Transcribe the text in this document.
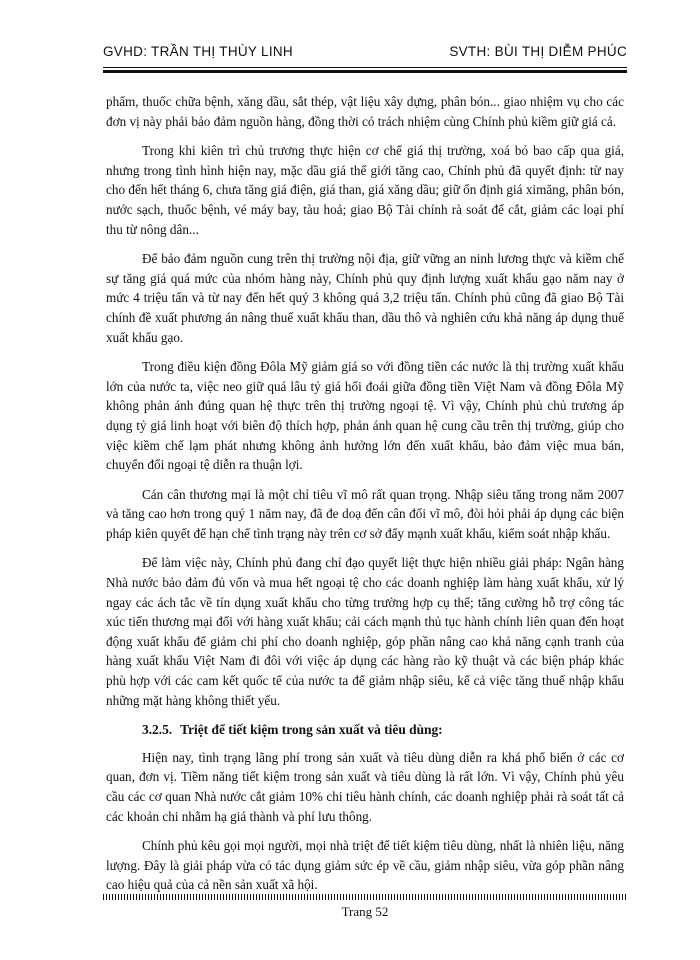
GVHD: TRẦN THỊ THÙY LINH	SVTH: BÙI THỊ DIỄM PHÚC

phẩm, thuốc chữa bệnh, xăng dầu, sắt thép, vật liệu xây dựng, phân bón... giao nhiệm vụ cho các đơn vị này phải bảo đảm nguồn hàng, đồng thời có trách nhiệm cùng Chính phủ kiềm giữ giá cả.

Trong khi kiên trì chủ trương thực hiện cơ chế giá thị trường, xoá bỏ bao cấp qua giá, nhưng trong tình hình hiện nay, mặc dầu giá thế giới tăng cao, Chính phủ đã quyết định: từ nay cho đến hết tháng 6, chưa tăng giá điện, giá than, giá xăng dầu; giữ ổn định giá ximăng, phân bón, nước sạch, thuốc bệnh, vé máy bay, tàu hoả; giao Bộ Tài chính rà soát để cắt, giảm các loại phí thu từ nông dân...

Để bảo đảm nguồn cung trên thị trường nội địa, giữ vững an ninh lương thực và kiềm chế sự tăng giá quá mức của nhóm hàng này, Chính phủ quy định lượng xuất khẩu gạo năm nay ở mức 4 triệu tấn và từ nay đến hết quý 3 không quá 3,2 triệu tấn. Chính phủ cũng đã giao Bộ Tài chính đề xuất phương án nâng thuế xuất khẩu than, dầu thô và nghiên cứu khả năng áp dụng thuế xuất khẩu gạo.

Trong điều kiện đồng Đôla Mỹ giảm giá so với đồng tiền các nước là thị trường xuất khẩu lớn của nước ta, việc neo giữ quá lâu tỷ giá hối đoái giữa đồng tiền Việt Nam và đồng Đôla Mỹ không phản ánh đúng quan hệ thực trên thị trường ngoại tệ. Vì vậy, Chính phủ chủ trương áp dụng tỷ giá linh hoạt với biên độ thích hợp, phản ánh quan hệ cung cầu trên thị trường, giúp cho việc kiềm chế lạm phát nhưng không ảnh hưởng lớn đến xuất khẩu, bảo đảm việc mua bán, chuyển đổi ngoại tệ diễn ra thuận lợi.

Cán cân thương mại là một chỉ tiêu vĩ mô rất quan trọng. Nhập siêu tăng trong năm 2007 và tăng cao hơn trong quý 1 năm nay, đã đe doạ đến cân đối vĩ mô, đòi hỏi phải áp dụng các biện pháp kiên quyết để hạn chế tình trạng này trên cơ sở đẩy mạnh xuất khẩu, kiểm soát nhập khẩu.

Để làm việc này, Chính phủ đang chỉ đạo quyết liệt thực hiện nhiều giải pháp: Ngân hàng Nhà nước bảo đảm đủ vốn và mua hết ngoại tệ cho các doanh nghiệp làm hàng xuất khẩu, xử lý ngay các ách tắc về tín dụng xuất khẩu cho từng trường hợp cụ thể; tăng cường hỗ trợ công tác xúc tiến thương mại đối với hàng xuất khẩu; cải cách mạnh thủ tục hành chính liên quan đến hoạt động xuất khẩu để giảm chi phí cho doanh nghiệp, góp phần nâng cao khả năng cạnh tranh của hàng xuất khẩu Việt Nam đi đôi với việc áp dụng các hàng rào kỹ thuật và các biện pháp khác phù hợp với các cam kết quốc tế của nước ta để giảm nhập siêu, kể cả việc tăng thuế nhập khẩu những mặt hàng không thiết yếu.

3.2.5. Triệt để tiết kiệm trong sản xuất và tiêu dùng:

Hiện nay, tình trạng lãng phí trong sản xuất và tiêu dùng diễn ra khá phổ biến ở các cơ quan, đơn vị. Tiềm năng tiết kiệm trong sản xuất và tiêu dùng là rất lớn. Vì vậy, Chính phủ yêu cầu các cơ quan Nhà nước cắt giảm 10% chi tiêu hành chính, các doanh nghiệp phải rà soát tất cả các khoản chi nhằm hạ giá thành và phí lưu thông.

Chính phủ kêu gọi mọi người, mọi nhà triệt để tiết kiệm tiêu dùng, nhất là nhiên liệu, năng lượng. Đây là giải pháp vừa có tác dụng giảm sức ép về cầu, giảm nhập siêu, vừa góp phần nâng cao hiệu quả của cả nền sản xuất xã hội.

Trang 52
